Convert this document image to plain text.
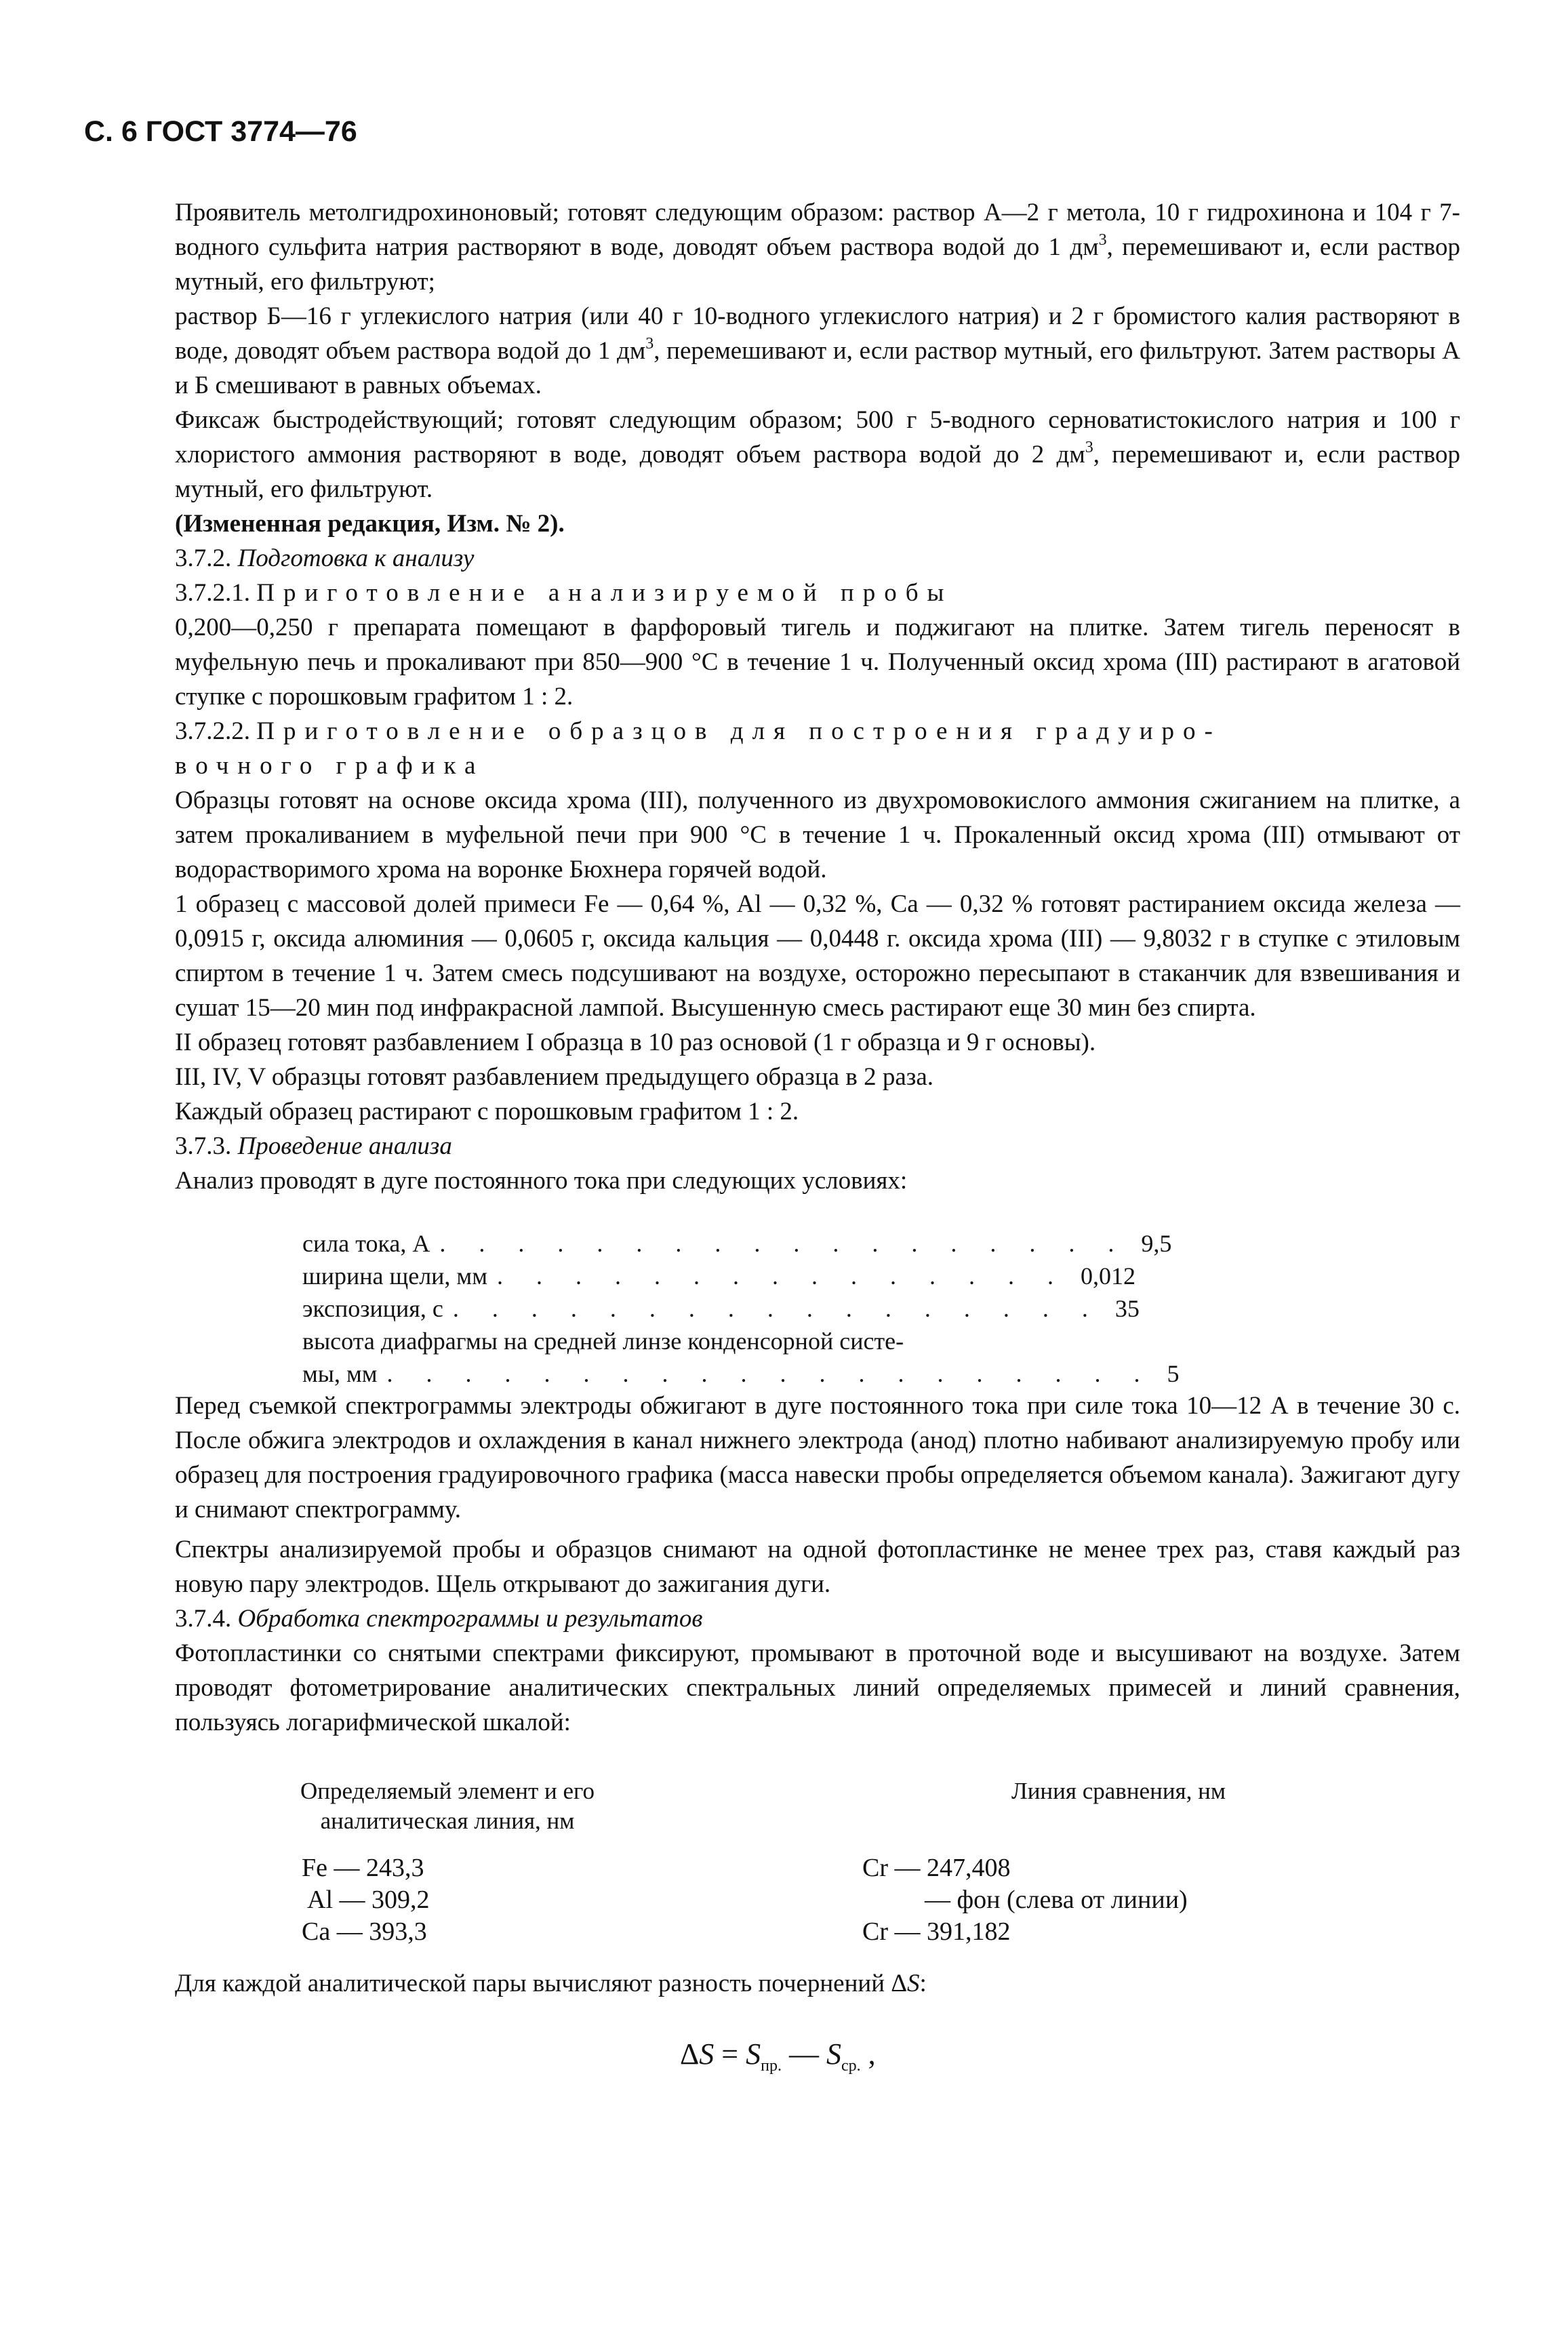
С. 6 ГОСТ 3774—76

Проявитель метолгидрохиноновый; готовят следующим образом: раствор А—2 г метола, 10 г гидрохинона и 104 г 7-водного сульфита натрия растворяют в воде, доводят объем раствора водой до 1 $дм^3$, перемешивают и, если раствор мутный, его фильтруют;

раствор Б—16 г углекислого натрия (или 40 г 10-водного углекислого натрия) и 2 г бромистого калия растворяют в воде, доводят объем раствора водой до 1 $дм^3$, перемешивают и, если раствор мутный, его фильтруют. Затем растворы А и Б смешивают в равных объемах.

Фиксаж быстродействующий; готовят следующим образом; 500 г 5-водного серноватистокислого натрия и 100 г хлористого аммония растворяют в воде, доводят объем раствора водой до 2 $дм^3$, перемешивают и, если раствор мутный, его фильтруют.

(Измененная редакция, Изм. № 2).

3.7.2. Подготовка к анализу

3.7.2.1. Приготовление анализируемой пробы

0,200—0,250 г препарата помещают в фарфоровый тигель и поджигают на плитке. Затем тигель переносят в муфельную печь и прокаливают при 850—900 °С в течение 1 ч. Полученный оксид хрома (III) растирают в агатовой ступке с порошковым графитом 1 : 2.

3.7.2.2. Приготовление образцов для построения градуиро-
вочного графика

Образцы готовят на основе оксида хрома (III), полученного из двухромовокислого аммония сжиганием на плитке, а затем прокаливанием в муфельной печи при 900 °С в течение 1 ч. Прокаленный оксид хрома (III) отмывают от водорастворимого хрома на воронке Бюхнера горячей водой.

1 образец с массовой долей примеси Fe — 0,64 %, Al — 0,32 %, Ca — 0,32 % готовят растиранием оксида железа — 0,0915 г, оксида алюминия — 0,0605 г, оксида кальция — 0,0448 г. оксида хрома (III) — 9,8032 г в ступке с этиловым спиртом в течение 1 ч. Затем смесь подсушивают на воздухе, осторожно пересыпают в стаканчик для взвешивания и сушат 15—20 мин под инфракрасной лампой. Высушенную смесь растирают еще 30 мин без спирта.

II образец готовят разбавлением I образца в 10 раз основой (1 г образца и 9 г основы).

III, IV, V образцы готовят разбавлением предыдущего образца в 2 раза.

Каждый образец растирают с порошковым графитом 1 : 2.

3.7.3. Проведение анализа

Анализ проводят в дуге постоянного тока при следующих условиях:

сила тока, А . . . . . . . . . . . . . . . . . . 9,5
ширина щели, мм . . . . . . . . . . . . . . . 0,012
экспозиция, с . . . . . . . . . . . . . . . . . 35
высота диафрагмы на средней линзе конденсорной систе-
мы, мм . . . . . . . . . . . . . . . . . . . . 5

Перед съемкой спектрограммы электроды обжигают в дуге постоянного тока при силе тока 10—12 А в течение 30 с. После обжига электродов и охлаждения в канал нижнего электрода (анод) плотно набивают анализируемую пробу или образец для построения градуировочного графика (масса навески пробы определяется объемом канала). Зажигают дугу и снимают спектрограмму.

Спектры анализируемой пробы и образцов снимают на одной фотопластинке не менее трех раз, ставя каждый раз новую пару электродов. Щель открывают до зажигания дуги.

3.7.4. Обработка спектрограммы и результатов

Фотопластинки со снятыми спектрами фиксируют, промывают в проточной воде и высушивают на воздухе. Затем проводят фотометрирование аналитических спектральных линий определяемых примесей и линий сравнения, пользуясь логарифмической шкалой:

Определяемый элемент и его
аналитическая линия, нм
Линия сравнения, нм
Fe — 243,3
Al — 309,2
Ca — 393,3
Cr — 247,408
— фон (слева от линии)
Cr — 391,182

Для каждой аналитической пары вычисляют разность почернений ΔS:

$\Delta S = S_{пр.}$ — $S_{ср.}$ ,
